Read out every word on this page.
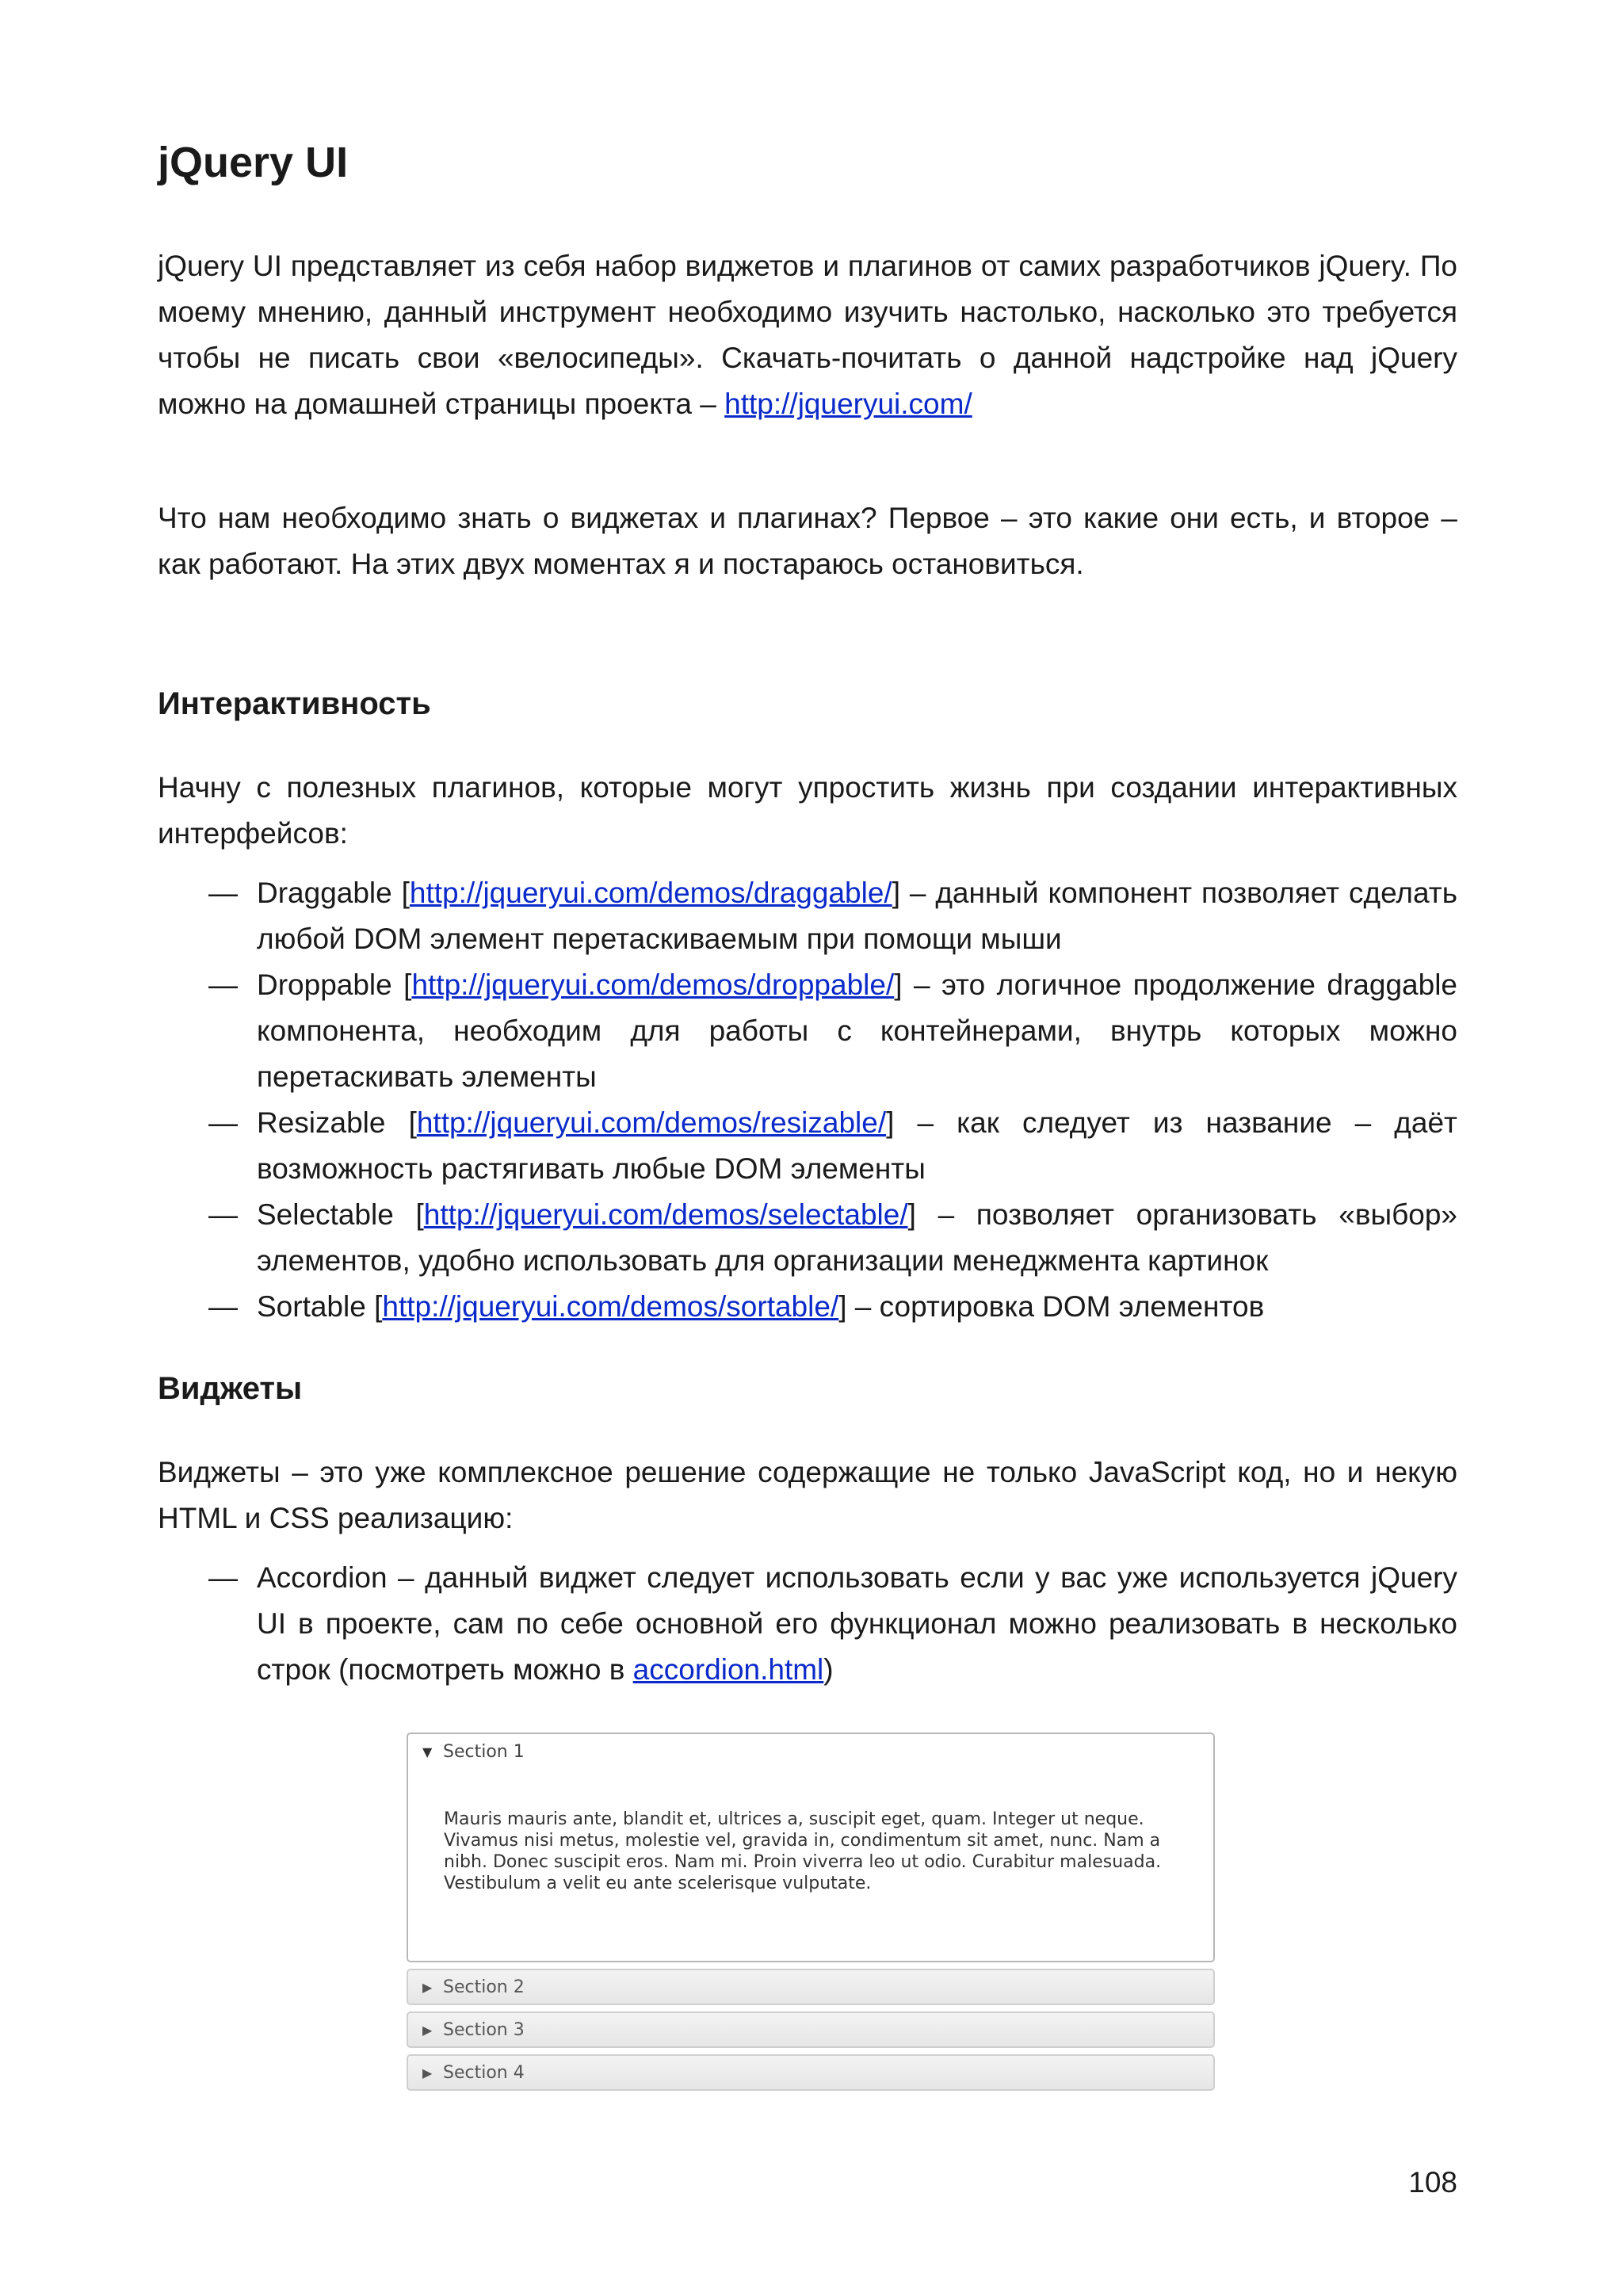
jQuery UI

jQuery UI представляет из себя набор виджетов и плагинов от самих разработчиков jQuery. По моему мнению, данный инструмент необходимо изучить настолько, насколько это требуется чтобы не писать свои «велосипеды». Скачать-почитать о данной надстройке над jQuery можно на домашней страницы проекта – http://jqueryui.com/

Что нам необходимо знать о виджетах и плагинах? Первое – это какие они есть, и второе – как работают. На этих двух моментах я и постараюсь остановиться.

Интерактивность

Начну с полезных плагинов, которые могут упростить жизнь при создании интерактивных интерфейсов:

— Draggable [http://jqueryui.com/demos/draggable/] – данный компонент позволяет сделать любой DOM элемент перетаскиваемым при помощи мыши
— Droppable [http://jqueryui.com/demos/droppable/] – это логичное продолжение draggable компонента, необходим для работы с контейнерами, внутрь которых можно перетаскивать элементы
— Resizable [http://jqueryui.com/demos/resizable/] – как следует из название – даёт возможность растягивать любые DOM элементы
— Selectable [http://jqueryui.com/demos/selectable/] – позволяет организовать «выбор» элементов, удобно использовать для организации менеджмента картинок
— Sortable [http://jqueryui.com/demos/sortable/] – сортировка DOM элементов
Виджеты

Виджеты – это уже комплексное решение содержащие не только JavaScript код, но и некую HTML и CSS реализацию:

— Accordion – данный виджет следует использовать если у вас уже используется jQuery UI в проекте, сам по себе основной его функционал можно реализовать в несколько строк (посмотреть можно в accordion.html)
▼ Section 1
Mauris mauris ante, blandit et, ultrices a, suscipit eget, quam. Integer ut neque. Vivamus nisi metus, molestie vel, gravida in, condimentum sit amet, nunc. Nam a nibh. Donec suscipit eros. Nam mi. Proin viverra leo ut odio. Curabitur malesuada. Vestibulum a velit eu ante scelerisque vulputate.
▶ Section 2
▶ Section 3
▶ Section 4
108
